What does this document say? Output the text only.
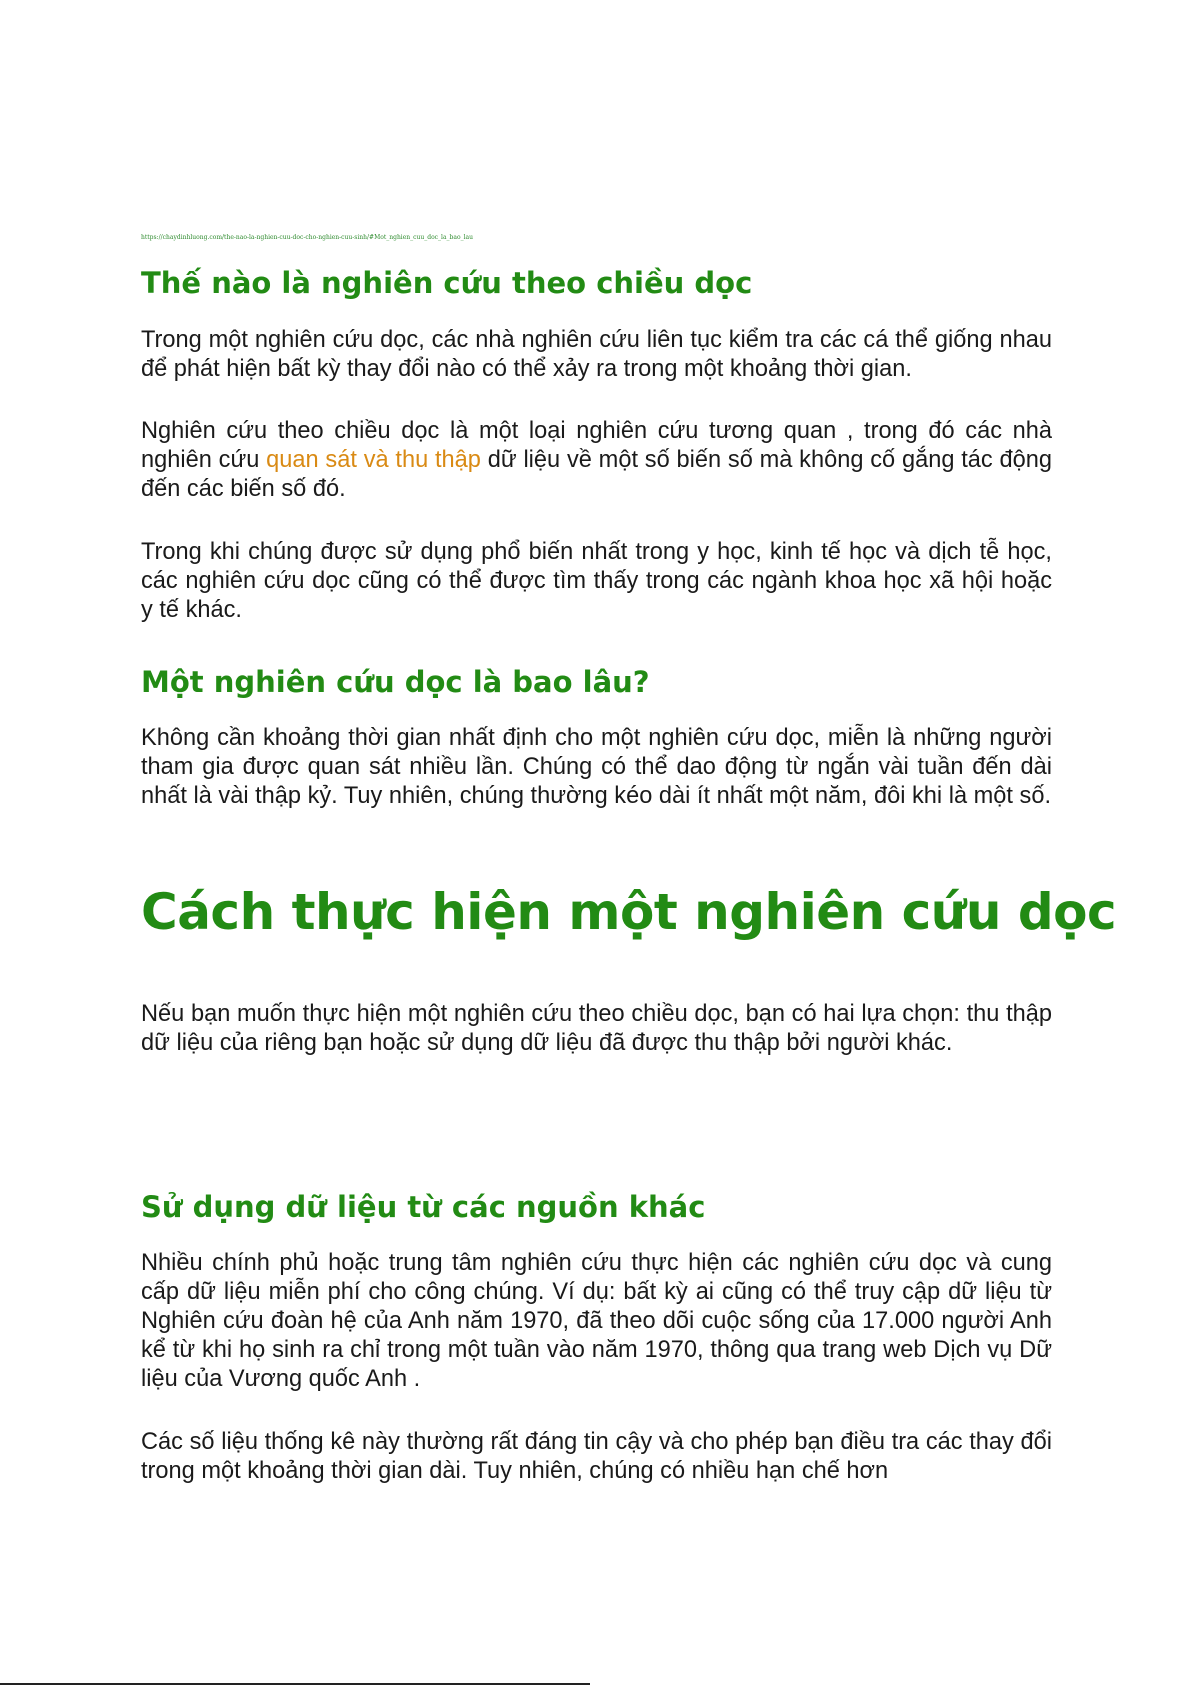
https://chaydinhluong.com/the-nao-la-nghien-cuu-doc-cho-nghien-cuu-sinh/#Mot_nghien_cuu_doc_la_bao_lau
Thế nào là nghiên cứu theo chiều dọc

Trong một nghiên cứu dọc, các nhà nghiên cứu liên tục kiểm tra các cá thể giống nhau để phát hiện bất kỳ thay đổi nào có thể xảy ra trong một khoảng thời gian.

Nghiên cứu theo chiều dọc là một loại nghiên cứu tương quan , trong đó các nhà nghiên cứu quan sát và thu thập dữ liệu về một số biến số mà không cố gắng tác động đến các biến số đó.

Trong khi chúng được sử dụng phổ biến nhất trong y học, kinh tế học và dịch tễ học, các nghiên cứu dọc cũng có thể được tìm thấy trong các ngành khoa học xã hội hoặc y tế khác.

Một nghiên cứu dọc là bao lâu?

Không cần khoảng thời gian nhất định cho một nghiên cứu dọc, miễn là những người tham gia được quan sát nhiều lần. Chúng có thể dao động từ ngắn vài tuần đến dài nhất là vài thập kỷ. Tuy nhiên, chúng thường kéo dài ít nhất một năm, đôi khi là một số.

Cách thực hiện một nghiên cứu dọc

Nếu bạn muốn thực hiện một nghiên cứu theo chiều dọc, bạn có hai lựa chọn: thu thập dữ liệu của riêng bạn hoặc sử dụng dữ liệu đã được thu thập bởi người khác.

Sử dụng dữ liệu từ các nguồn khác

Nhiều chính phủ hoặc trung tâm nghiên cứu thực hiện các nghiên cứu dọc và cung cấp dữ liệu miễn phí cho công chúng. Ví dụ: bất kỳ ai cũng có thể truy cập dữ liệu từ Nghiên cứu đoàn hệ của Anh năm 1970, đã theo dõi cuộc sống của 17.000 người Anh kể từ khi họ sinh ra chỉ trong một tuần vào năm 1970, thông qua trang web Dịch vụ Dữ liệu của Vương quốc Anh .

Các số liệu thống kê này thường rất đáng tin cậy và cho phép bạn điều tra các thay đổi trong một khoảng thời gian dài. Tuy nhiên, chúng có nhiều hạn chế hơn
